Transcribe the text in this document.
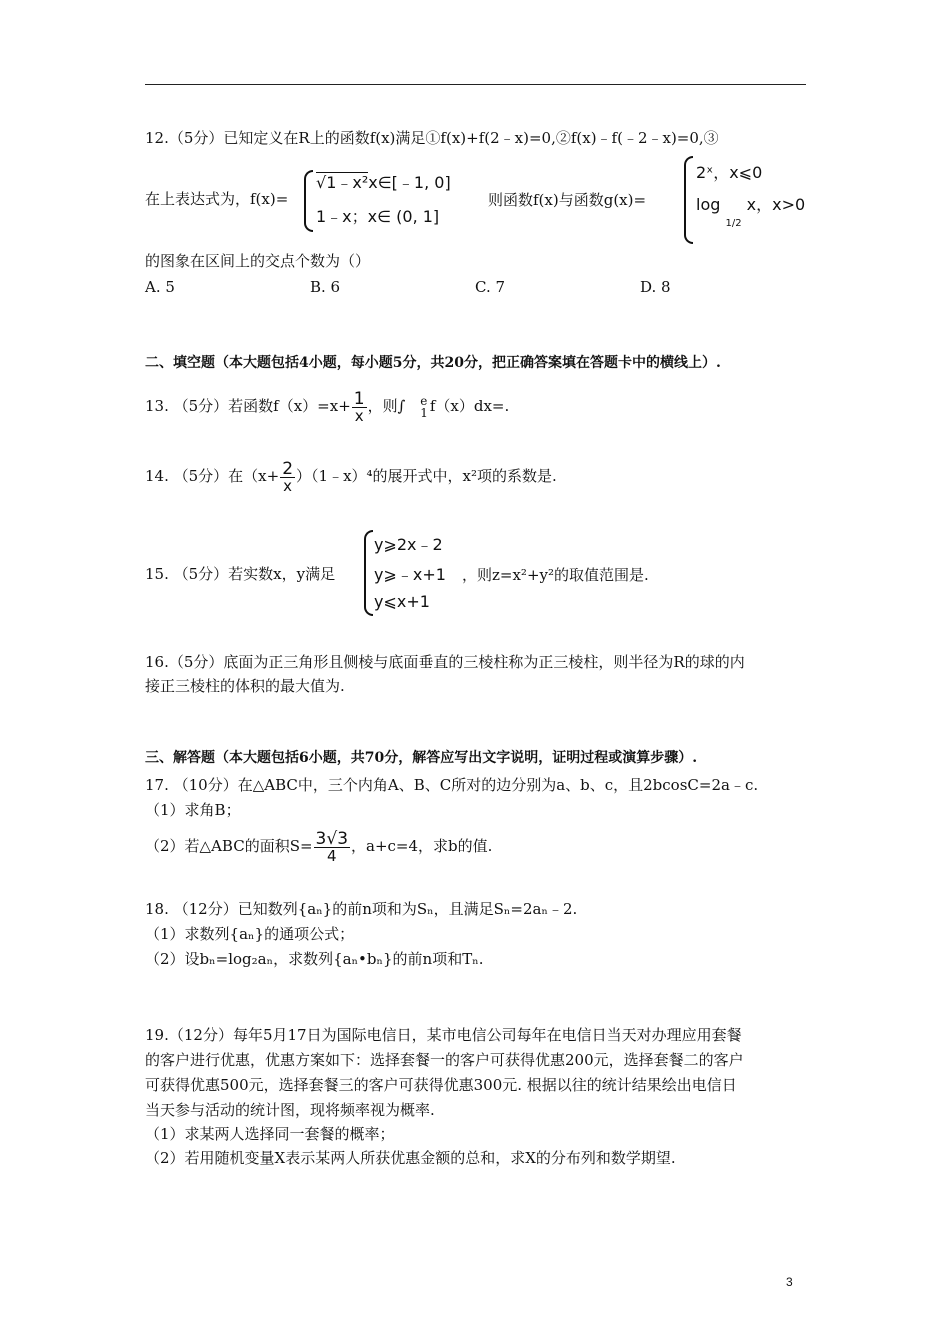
12.（5分）已知定义在R上的函数f(x)满足①f(x)+f(2﹣x)=0,②f(x)﹣f(﹣2﹣x)=0,③
在上表达式为，f(x)=
√1﹣x²x∈[﹣1, 0]
1﹣x；x∈ (0, 1]
则函数f(x)与函数g(x)=
2ˣ，x⩽0
log $_{1/2}$ x，x>0
的图象在区间上的交点个数为（）
A. 5	B. 6	C. 7	D. 8
二、填空题（本大题包括4小题，每小题5分，共20分，把正确答案填在答题卡中的横线上）.
13. （5分）若函数$f(x)=x+ \frac{1}{x}$ ，则∫ e
1 f（x）dx=.
14. （5分）在（$x+ \frac{2}{x}$ ）（1﹣x）⁴的展开式中，x²项的系数是.
15. （5分）若实数x，y满足
y⩾2x﹣2
y⩾﹣x+1
y⩽x+1
，则z=x²+y²的取值范围是.
16.（5分）底面为正三角形且侧棱与底面垂直的三棱柱称为正三棱柱，则半径为R的球的内
接正三棱柱的体积的最大值为.
三、解答题（本大题包括6小题，共70分，解答应写出文字说明，证明过程或演算步骤）.
17. （10分）在△ABC中，三个内角A、B、C所对的边分别为a、b、c，且2bcosC=2a﹣c.
（1）求角B；
（2）若△ABC的面积$S= \frac{3√3}{4}$ ，a+c=4，求b的值.
18. （12分）已知数列{aₙ}的前n项和为Sₙ，且满足Sₙ=2aₙ﹣2.
（1）求数列{aₙ}的通项公式；
（2）设bₙ=log₂aₙ，求数列{aₙ•bₙ}的前n项和Tₙ.
19.（12分）每年5月17日为国际电信日，某市电信公司每年在电信日当天对办理应用套餐
的客户进行优惠，优惠方案如下：选择套餐一的客户可获得优惠200元，选择套餐二的客户
可获得优惠500元，选择套餐三的客户可获得优惠300元. 根据以往的统计结果绘出电信日
当天参与活动的统计图，现将频率视为概率.
（1）求某两人选择同一套餐的概率；
（2）若用随机变量X表示某两人所获优惠金额的总和，求X的分布列和数学期望.
3
